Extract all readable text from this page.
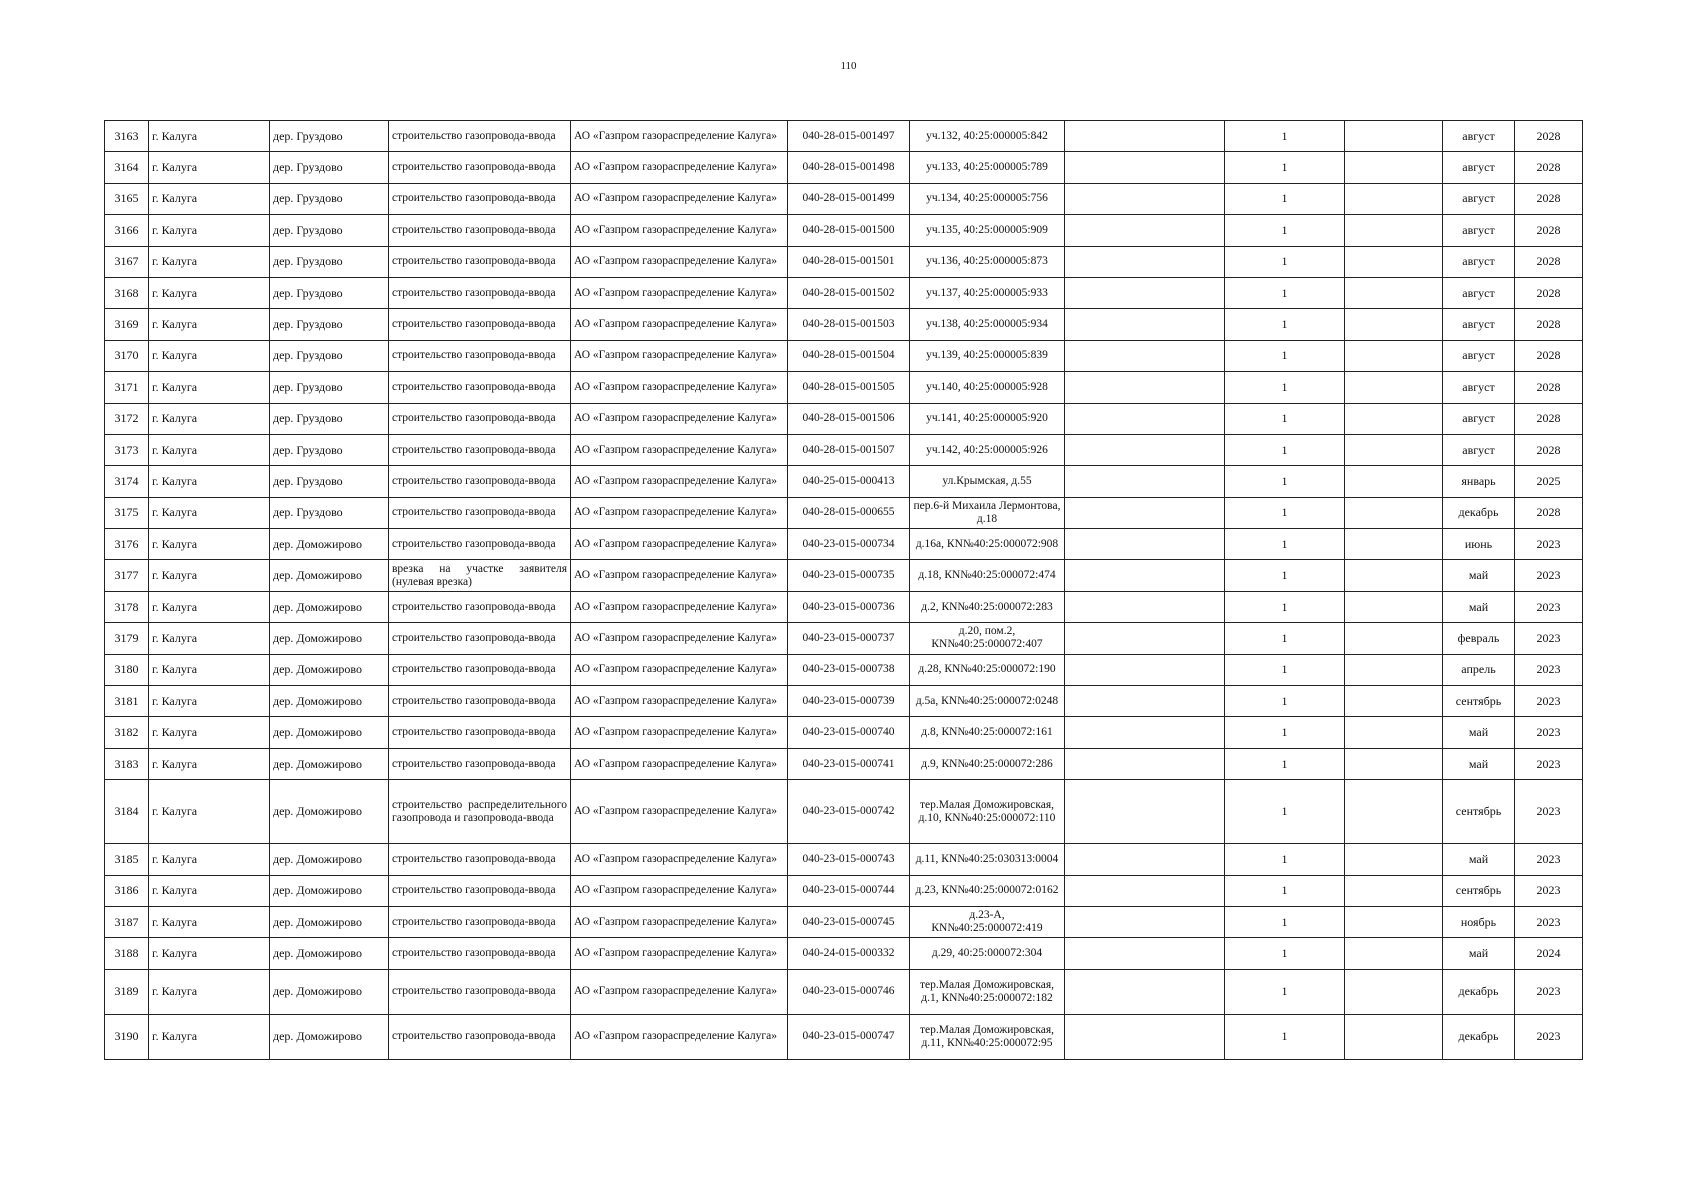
110
3163	г. Калуга	дер. Груздово	строительство газопровода-ввода	АО «Газпром газораспределение Калуга»	040-28-015-001497	уч.132, 40:25:000005:842		1		август	2028
3164	г. Калуга	дер. Груздово	строительство газопровода-ввода	АО «Газпром газораспределение Калуга»	040-28-015-001498	уч.133, 40:25:000005:789		1		август	2028
3165	г. Калуга	дер. Груздово	строительство газопровода-ввода	АО «Газпром газораспределение Калуга»	040-28-015-001499	уч.134, 40:25:000005:756		1		август	2028
3166	г. Калуга	дер. Груздово	строительство газопровода-ввода	АО «Газпром газораспределение Калуга»	040-28-015-001500	уч.135, 40:25:000005:909		1		август	2028
3167	г. Калуга	дер. Груздово	строительство газопровода-ввода	АО «Газпром газораспределение Калуга»	040-28-015-001501	уч.136, 40:25:000005:873		1		август	2028
3168	г. Калуга	дер. Груздово	строительство газопровода-ввода	АО «Газпром газораспределение Калуга»	040-28-015-001502	уч.137, 40:25:000005:933		1		август	2028
3169	г. Калуга	дер. Груздово	строительство газопровода-ввода	АО «Газпром газораспределение Калуга»	040-28-015-001503	уч.138, 40:25:000005:934		1		август	2028
3170	г. Калуга	дер. Груздово	строительство газопровода-ввода	АО «Газпром газораспределение Калуга»	040-28-015-001504	уч.139, 40:25:000005:839		1		август	2028
3171	г. Калуга	дер. Груздово	строительство газопровода-ввода	АО «Газпром газораспределение Калуга»	040-28-015-001505	уч.140, 40:25:000005:928		1		август	2028
3172	г. Калуга	дер. Груздово	строительство газопровода-ввода	АО «Газпром газораспределение Калуга»	040-28-015-001506	уч.141, 40:25:000005:920		1		август	2028
3173	г. Калуга	дер. Груздово	строительство газопровода-ввода	АО «Газпром газораспределение Калуга»	040-28-015-001507	уч.142, 40:25:000005:926		1		август	2028
3174	г. Калуга	дер. Груздово	строительство газопровода-ввода	АО «Газпром газораспределение Калуга»	040-25-015-000413	ул.Крымская, д.55		1		январь	2025
3175	г. Калуга	дер. Груздово	строительство газопровода-ввода	АО «Газпром газораспределение Калуга»	040-28-015-000655	пер.6-й Михаила Лермонтова, д.18		1		декабрь	2028
3176	г. Калуга	дер. Доможирово	строительство газопровода-ввода	АО «Газпром газораспределение Калуга»	040-23-015-000734	д.16а, КN№40:25:000072:908		1		июнь	2023
3177	г. Калуга	дер. Доможирово	врезка на участке заявителя (нулевая врезка)	АО «Газпром газораспределение Калуга»	040-23-015-000735	д.18, КN№40:25:000072:474		1		май	2023
3178	г. Калуга	дер. Доможирово	строительство газопровода-ввода	АО «Газпром газораспределение Калуга»	040-23-015-000736	д.2, КN№40:25:000072:283		1		май	2023
3179	г. Калуга	дер. Доможирово	строительство газопровода-ввода	АО «Газпром газораспределение Калуга»	040-23-015-000737	д.20, пом.2, КN№40:25:000072:407		1		февраль	2023
3180	г. Калуга	дер. Доможирово	строительство газопровода-ввода	АО «Газпром газораспределение Калуга»	040-23-015-000738	д.28, КN№40:25:000072:190		1		апрель	2023
3181	г. Калуга	дер. Доможирово	строительство газопровода-ввода	АО «Газпром газораспределение Калуга»	040-23-015-000739	д.5а, КN№40:25:000072:0248		1		сентябрь	2023
3182	г. Калуга	дер. Доможирово	строительство газопровода-ввода	АО «Газпром газораспределение Калуга»	040-23-015-000740	д.8, КN№40:25:000072:161		1		май	2023
3183	г. Калуга	дер. Доможирово	строительство газопровода-ввода	АО «Газпром газораспределение Калуга»	040-23-015-000741	д.9, КN№40:25:000072:286		1		май	2023
3184	г. Калуга	дер. Доможирово	строительство распределительного газопровода и газопровода-ввода	АО «Газпром газораспределение Калуга»	040-23-015-000742	тер.Малая Доможировская, д.10, КN№40:25:000072:110		1		сентябрь	2023
3185	г. Калуга	дер. Доможирово	строительство газопровода-ввода	АО «Газпром газораспределение Калуга»	040-23-015-000743	д.11, КN№40:25:030313:0004		1		май	2023
3186	г. Калуга	дер. Доможирово	строительство газопровода-ввода	АО «Газпром газораспределение Калуга»	040-23-015-000744	д.23, КN№40:25:000072:0162		1		сентябрь	2023
3187	г. Калуга	дер. Доможирово	строительство газопровода-ввода	АО «Газпром газораспределение Калуга»	040-23-015-000745	д.23-А, КN№40:25:000072:419		1		ноябрь	2023
3188	г. Калуга	дер. Доможирово	строительство газопровода-ввода	АО «Газпром газораспределение Калуга»	040-24-015-000332	д.29, 40:25:000072:304		1		май	2024
3189	г. Калуга	дер. Доможирово	строительство газопровода-ввода	АО «Газпром газораспределение Калуга»	040-23-015-000746	тер.Малая Доможировская, д.1, КN№40:25:000072:182		1		декабрь	2023
3190	г. Калуга	дер. Доможирово	строительство газопровода-ввода	АО «Газпром газораспределение Калуга»	040-23-015-000747	тер.Малая Доможировская, д.11, КN№40:25:000072:95		1		декабрь	2023
